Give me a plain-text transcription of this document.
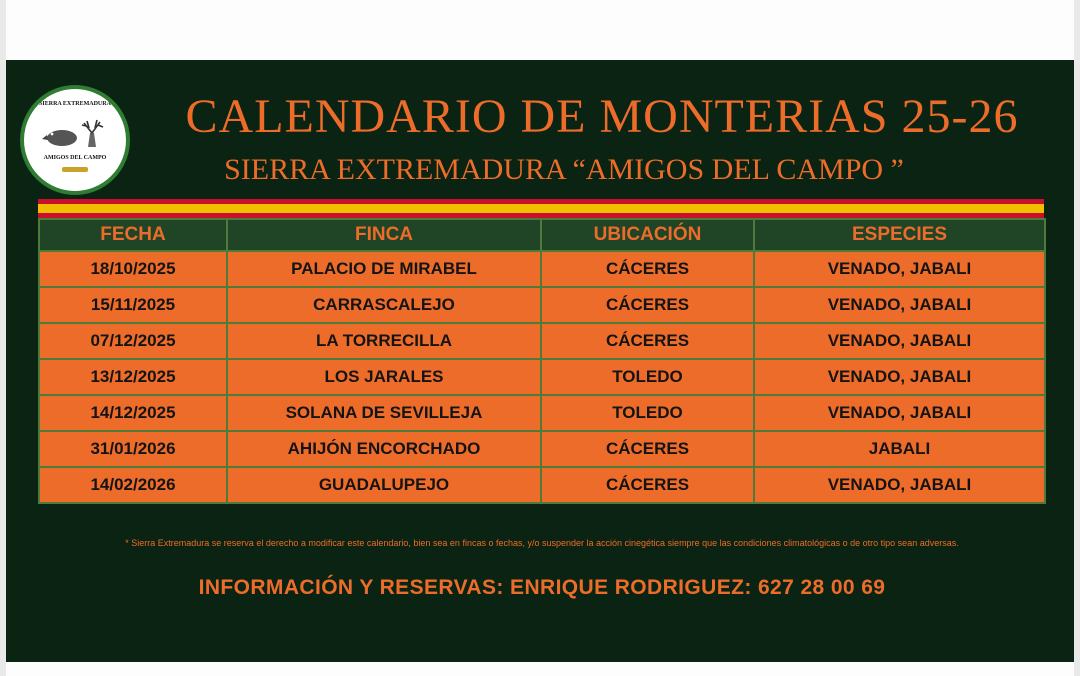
SIERRA EXTREMADURA
AMIGOS DEL CAMPO
CALENDARIO DE MONTERIAS 25-26
SIERRA EXTREMADURA “AMIGOS DEL CAMPO ”
FECHA	FINCA	UBICACIÓN	ESPECIES
18/10/2025	PALACIO DE MIRABEL	CÁCERES	VENADO, JABALI
15/11/2025	CARRASCALEJO	CÁCERES	VENADO, JABALI
07/12/2025	LA TORRECILLA	CÁCERES	VENADO, JABALI
13/12/2025	LOS JARALES	TOLEDO	VENADO, JABALI
14/12/2025	SOLANA DE SEVILLEJA	TOLEDO	VENADO, JABALI
31/01/2026	AHIJÓN ENCORCHADO	CÁCERES	JABALI
14/02/2026	GUADALUPEJO	CÁCERES	VENADO, JABALI
* Sierra Extremadura se reserva el derecho a modificar este calendario, bien sea en fincas o fechas, y/o suspender la acción cinegética siempre que las condiciones climatológicas o de otro tipo sean adversas.
INFORMACIÓN Y RESERVAS: ENRIQUE RODRIGUEZ: 627 28 00 69
